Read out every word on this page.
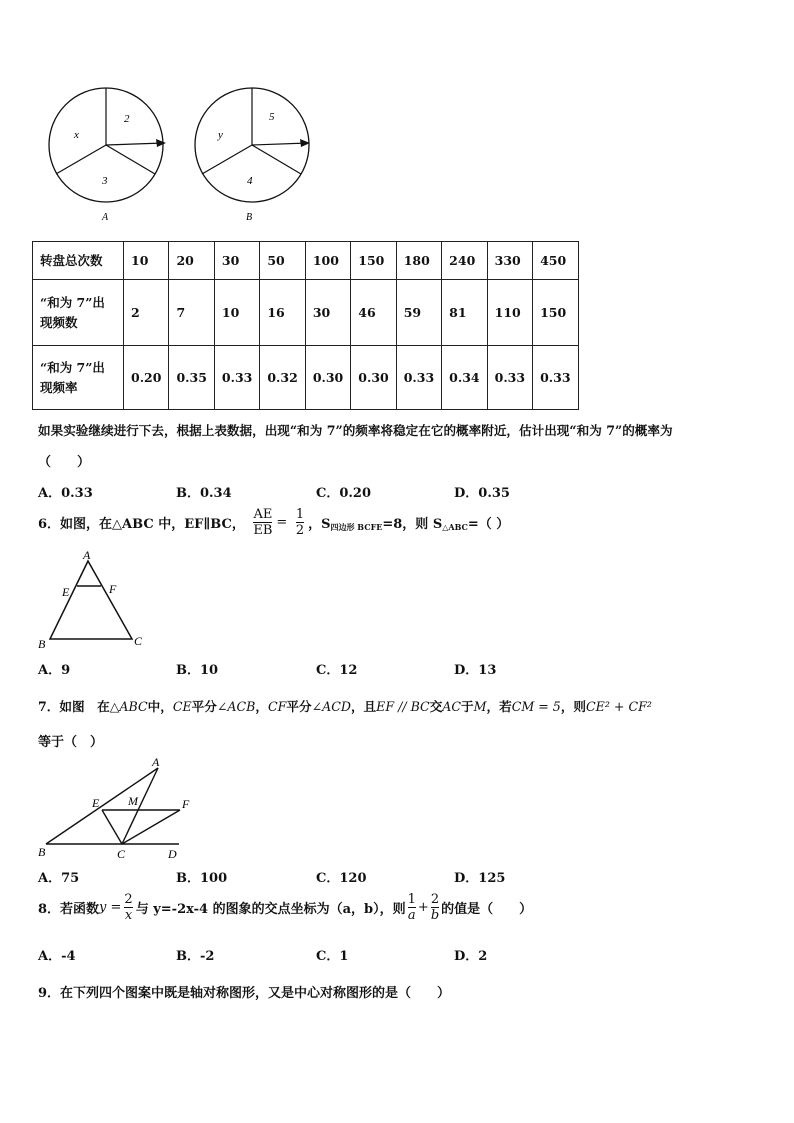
x
2
3
A
y
5
4
B
转盘总次数	10	20	30	50	100	150	180	240	330	450

“和为 7”出
现频数	2	7	10	16	30	46	59	81	110	150

“和为 7”出
现频率	0.20	0.35	0.33	0.32	0.30	0.30	0.33	0.34	0.33	0.33
如果实验继续进行下去，根据上表数据，出现“和为 7”的频率将稳定在它的概率附近，估计出现“和为 7”的概率为
（　　）
A．0.33	B．0.34	C．0.20	D．0.35
6．如图，在△ABC 中，EF∥BC， $\frac{AE}{EB} = \frac{1}{2}$ ，$S_{四边形 BCFE}=8$，则 $S_{\triangle ABC}=$（ ）
A
E	F
B	C
A．9	B．10	C．12	D．13
7．如图　在△ABC中，CE平分∠ACB，CF平分∠ACD，且EF // BC交AC于M，若CM = 5，则CE² + CF²
等于（　）
A
E M	F
B	C	D
A．75	B．100	C．120	D．125
8．若函数$y = \frac{2}{x}$ 与 y=-2x-4 的图象的交点坐标为（a，b），则 $\frac{1}{a} + \frac{2}{b}$ 的值是（　　）
A．-4	B．-2	C．1	D．2
9．在下列四个图案中既是轴对称图形，又是中心对称图形的是（　　）
